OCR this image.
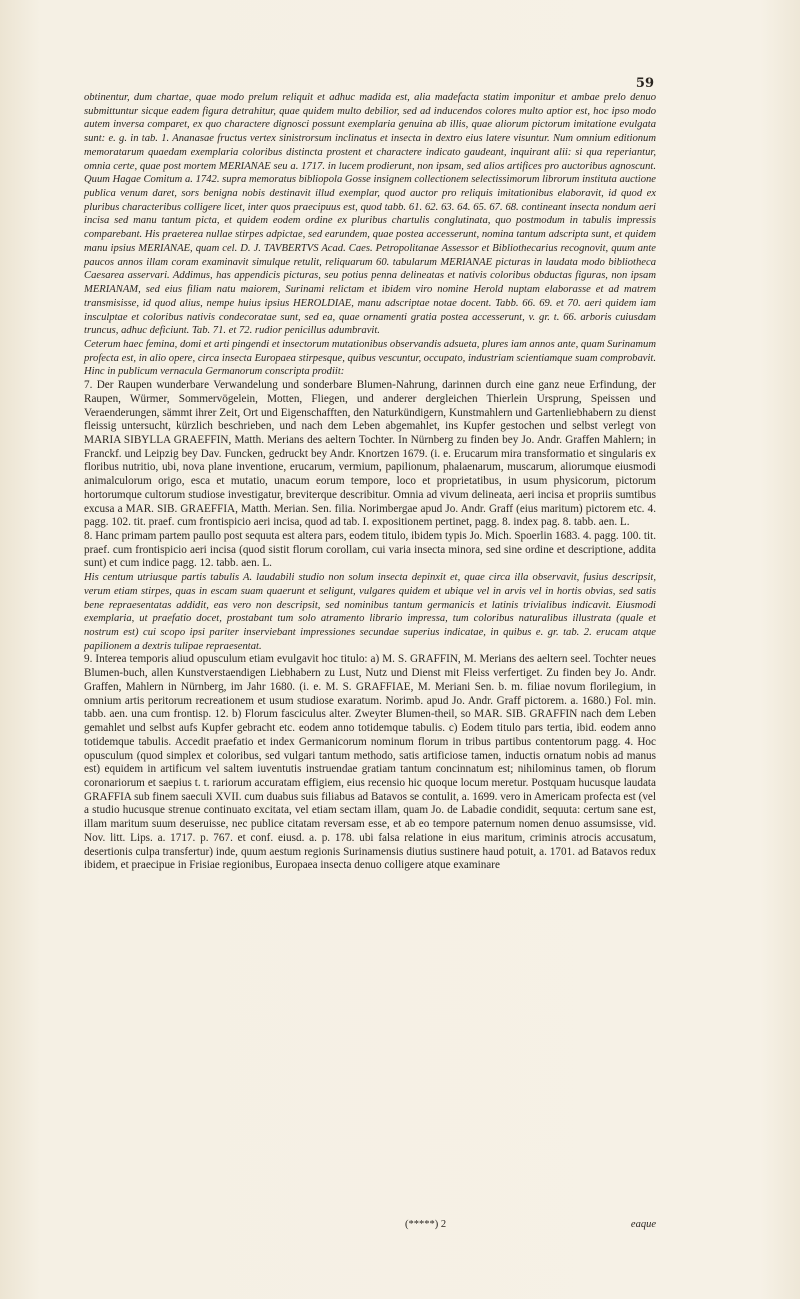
59

obtinentur, dum chartae, quae modo prelum reliquit et adhuc madida est, alia madefacta statim imponitur et ambae prelo denuo submittuntur sicque eadem figura detrahitur, quae quidem multo debilior, sed ad inducendos colores multo aptior est, hoc ipso modo autem inversa comparet, ex quo charactere dignosci possunt exemplaria genuina ab illis, quae aliorum pictorum imitatione evulgata sunt: e. g. in tab. 1. Ananasae fructus vertex sinistrorsum inclinatus et insecta in dextro eius latere visuntur. Num omnium editionum memoratarum quaedam exemplaria coloribus distincta prostent et charactere indicato gaudeant, inquirant alii: si qua reperiantur, omnia certe, quae post mortem MERIANAE seu a. 1717. in lucem prodierunt, non ipsam, sed alios artifices pro auctoribus agnoscunt. Quum Hagae Comitum a. 1742. supra memoratus bibliopola Gosse insignem collectionem selectissimorum librorum instituta auctione publica venum daret, sors benigna nobis destinavit illud exemplar, quod auctor pro reliquis imitationibus elaboravit, id quod ex pluribus characteribus colligere licet, inter quos praecipuus est, quod tabb. 61. 62. 63. 64. 65. 67. 68. contineant insecta nondum aeri incisa sed manu tantum picta, et quidem eodem ordine ex pluribus chartulis conglutinata, quo postmodum in tabulis impressis comparebant. His praeterea nullae stirpes adpictae, sed earundem, quae postea accesserunt, nomina tantum adscripta sunt, et quidem manu ipsius MERIANAE, quam cel. D. J. TAVBERTVS Acad. Caes. Petropolitanae Assessor et Bibliothecarius recognovit, quum ante paucos annos illam coram examinavit simulque retulit, reliquarum 60. tabularum MERIANAE picturas in laudata modo bibliotheca Caesarea asservari. Addimus, has appendicis picturas, seu potius penna delineatas et nativis coloribus obductas figuras, non ipsam MERIANAM, sed eius filiam natu maiorem, Surinami relictam et ibidem viro nomine Herold nuptam elaborasse et ad matrem transmisisse, id quod alius, nempe huius ipsius HEROLDIAE, manu adscriptae notae docent. Tabb. 66. 69. et 70. aeri quidem iam insculptae et coloribus nativis condecoratae sunt, sed ea, quae ornamenti gratia postea accesserunt, v. gr. t. 66. arboris cuiusdam truncus, adhuc deficiunt. Tab. 71. et 72. rudior penicillus adumbravit.

Ceterum haec femina, domi et arti pingendi et insectorum mutationibus observandis adsueta, plures iam annos ante, quam Surinamum profecta est, in alio opere, circa insecta Europaea stirpesque, quibus vescuntur, occupato, industriam scientiamque suam comprobavit. Hinc in publicum vernacula Germanorum conscripta prodiit:

7. Der Raupen wunderbare Verwandelung und sonderbare Blumen-Nahrung, darinnen durch eine ganz neue Erfindung, der Raupen, Würmer, Sommervögelein, Motten, Fliegen, und anderer dergleichen Thierlein Ursprung, Speissen und Veraenderungen, sämmt ihrer Zeit, Ort und Eigenschafften, den Naturkündigern, Kunstmahlern und Gartenliebhabern zu dienst fleissig untersucht, kürzlich beschrieben, und nach dem Leben abgemahlet, ins Kupfer gestochen und selbst verlegt von MARIA SIBYLLA GRAEFFIN, Matth. Merians des aeltern Tochter. In Nürnberg zu finden bey Jo. Andr. Graffen Mahlern; in Franckf. und Leipzig bey Dav. Funcken, gedruckt bey Andr. Knortzen 1679. (i. e. Erucarum mira transformatio et singularis ex floribus nutritio, ubi, nova plane inventione, erucarum, vermium, papilionum, phalaenarum, muscarum, aliorumque eiusmodi animalculorum origo, esca et mutatio, unacum eorum tempore, loco et proprietatibus, in usum physicorum, pictorum hortorumque cultorum studiose investigatur, breviterque describitur. Omnia ad vivum delineata, aeri incisa et propriis sumtibus excusa a MAR. SIB. GRAEFFIA, Matth. Merian. Sen. filia. Norimbergae apud Jo. Andr. Graff (eius maritum) pictorem etc. 4. pagg. 102. tit. praef. cum frontispicio aeri incisa, quod ad tab. I. expositionem pertinet, pagg. 8. index pag. 8. tabb. aen. L.

8. Hanc primam partem paullo post sequuta est altera pars, eodem titulo, ibidem typis Jo. Mich. Spoerlin 1683. 4. pagg. 100. tit. praef. cum frontispicio aeri incisa (quod sistit florum corollam, cui varia insecta minora, sed sine ordine et descriptione, addita sunt) et cum indice pagg. 12. tabb. aen. L.

His centum utriusque partis tabulis A. laudabili studio non solum insecta depinxit et, quae circa illa observavit, fusius descripsit, verum etiam stirpes, quas in escam suam quaerunt et seligunt, vulgares quidem et ubique vel in arvis vel in hortis obvias, sed satis bene repraesentatas addidit, eas vero non descripsit, sed nominibus tantum germanicis et latinis trivialibus indicavit. Eiusmodi exemplaria, ut praefatio docet, prostabant tum solo atramento librario impressa, tum coloribus naturalibus illustrata (quale et nostrum est) cui scopo ipsi pariter inserviebant impressiones secundae superius indicatae, in quibus e. gr. tab. 2. erucam atque papilionem a dextris tulipae repraesentat.

9. Interea temporis aliud opusculum etiam evulgavit hoc titulo: a) M. S. GRAFFIN, M. Merians des aeltern seel. Tochter neues Blumen-buch, allen Kunstverstaendigen Liebhabern zu Lust, Nutz und Dienst mit Fleiss verfertiget. Zu finden bey Jo. Andr. Graffen, Mahlern in Nürnberg, im Jahr 1680. (i. e. M. S. GRAFFIAE, M. Meriani Sen. b. m. filiae novum florilegium, in omnium artis peritorum recreationem et usum studiose exaratum. Norimb. apud Jo. Andr. Graff pictorem. a. 1680.) Fol. min. tabb. aen. una cum frontisp. 12. b) Florum fasciculus alter. Zweyter Blumen-theil, so MAR. SIB. GRAFFIN nach dem Leben gemahlet und selbst aufs Kupfer gebracht etc. eodem anno totidemque tabulis. c) Eodem titulo pars tertia, ibid. eodem anno totidemque tabulis. Accedit praefatio et index Germanicorum nominum florum in tribus partibus contentorum pagg. 4. Hoc opusculum (quod simplex et coloribus, sed vulgari tantum methodo, satis artificiose tamen, inductis ornatum nobis ad manus est) equidem in artificum vel saltem iuventutis instruendae gratiam tantum concinnatum est; nihilominus tamen, ob florum coronariorum et saepius t. t. rariorum accuratam effigiem, eius recensio hic quoque locum meretur. Postquam hucusque laudata GRAFFIA sub finem saeculi XVII. cum duabus suis filiabus ad Batavos se contulit, a. 1699. vero in Americam profecta est (vel a studio hucusque strenue continuato excitata, vel etiam sectam illam, quam Jo. de Labadie condidit, sequuta: certum sane est, illam maritum suum deseruisse, nec publice citatam reversam esse, et ab eo tempore paternum nomen denuo assumsisse, vid. Nov. litt. Lips. a. 1717. p. 767. et conf. eiusd. a. p. 178. ubi falsa relatione in eius maritum, criminis atrocis accusatum, desertionis culpa transfertur) inde, quum aestum regionis Surinamensis diutius sustinere haud potuit, a. 1701. ad Batavos redux ibidem, et praecipue in Frisiae regionibus, Europaea insecta denuo colligere atque examinare

(*****) 2	eaque
